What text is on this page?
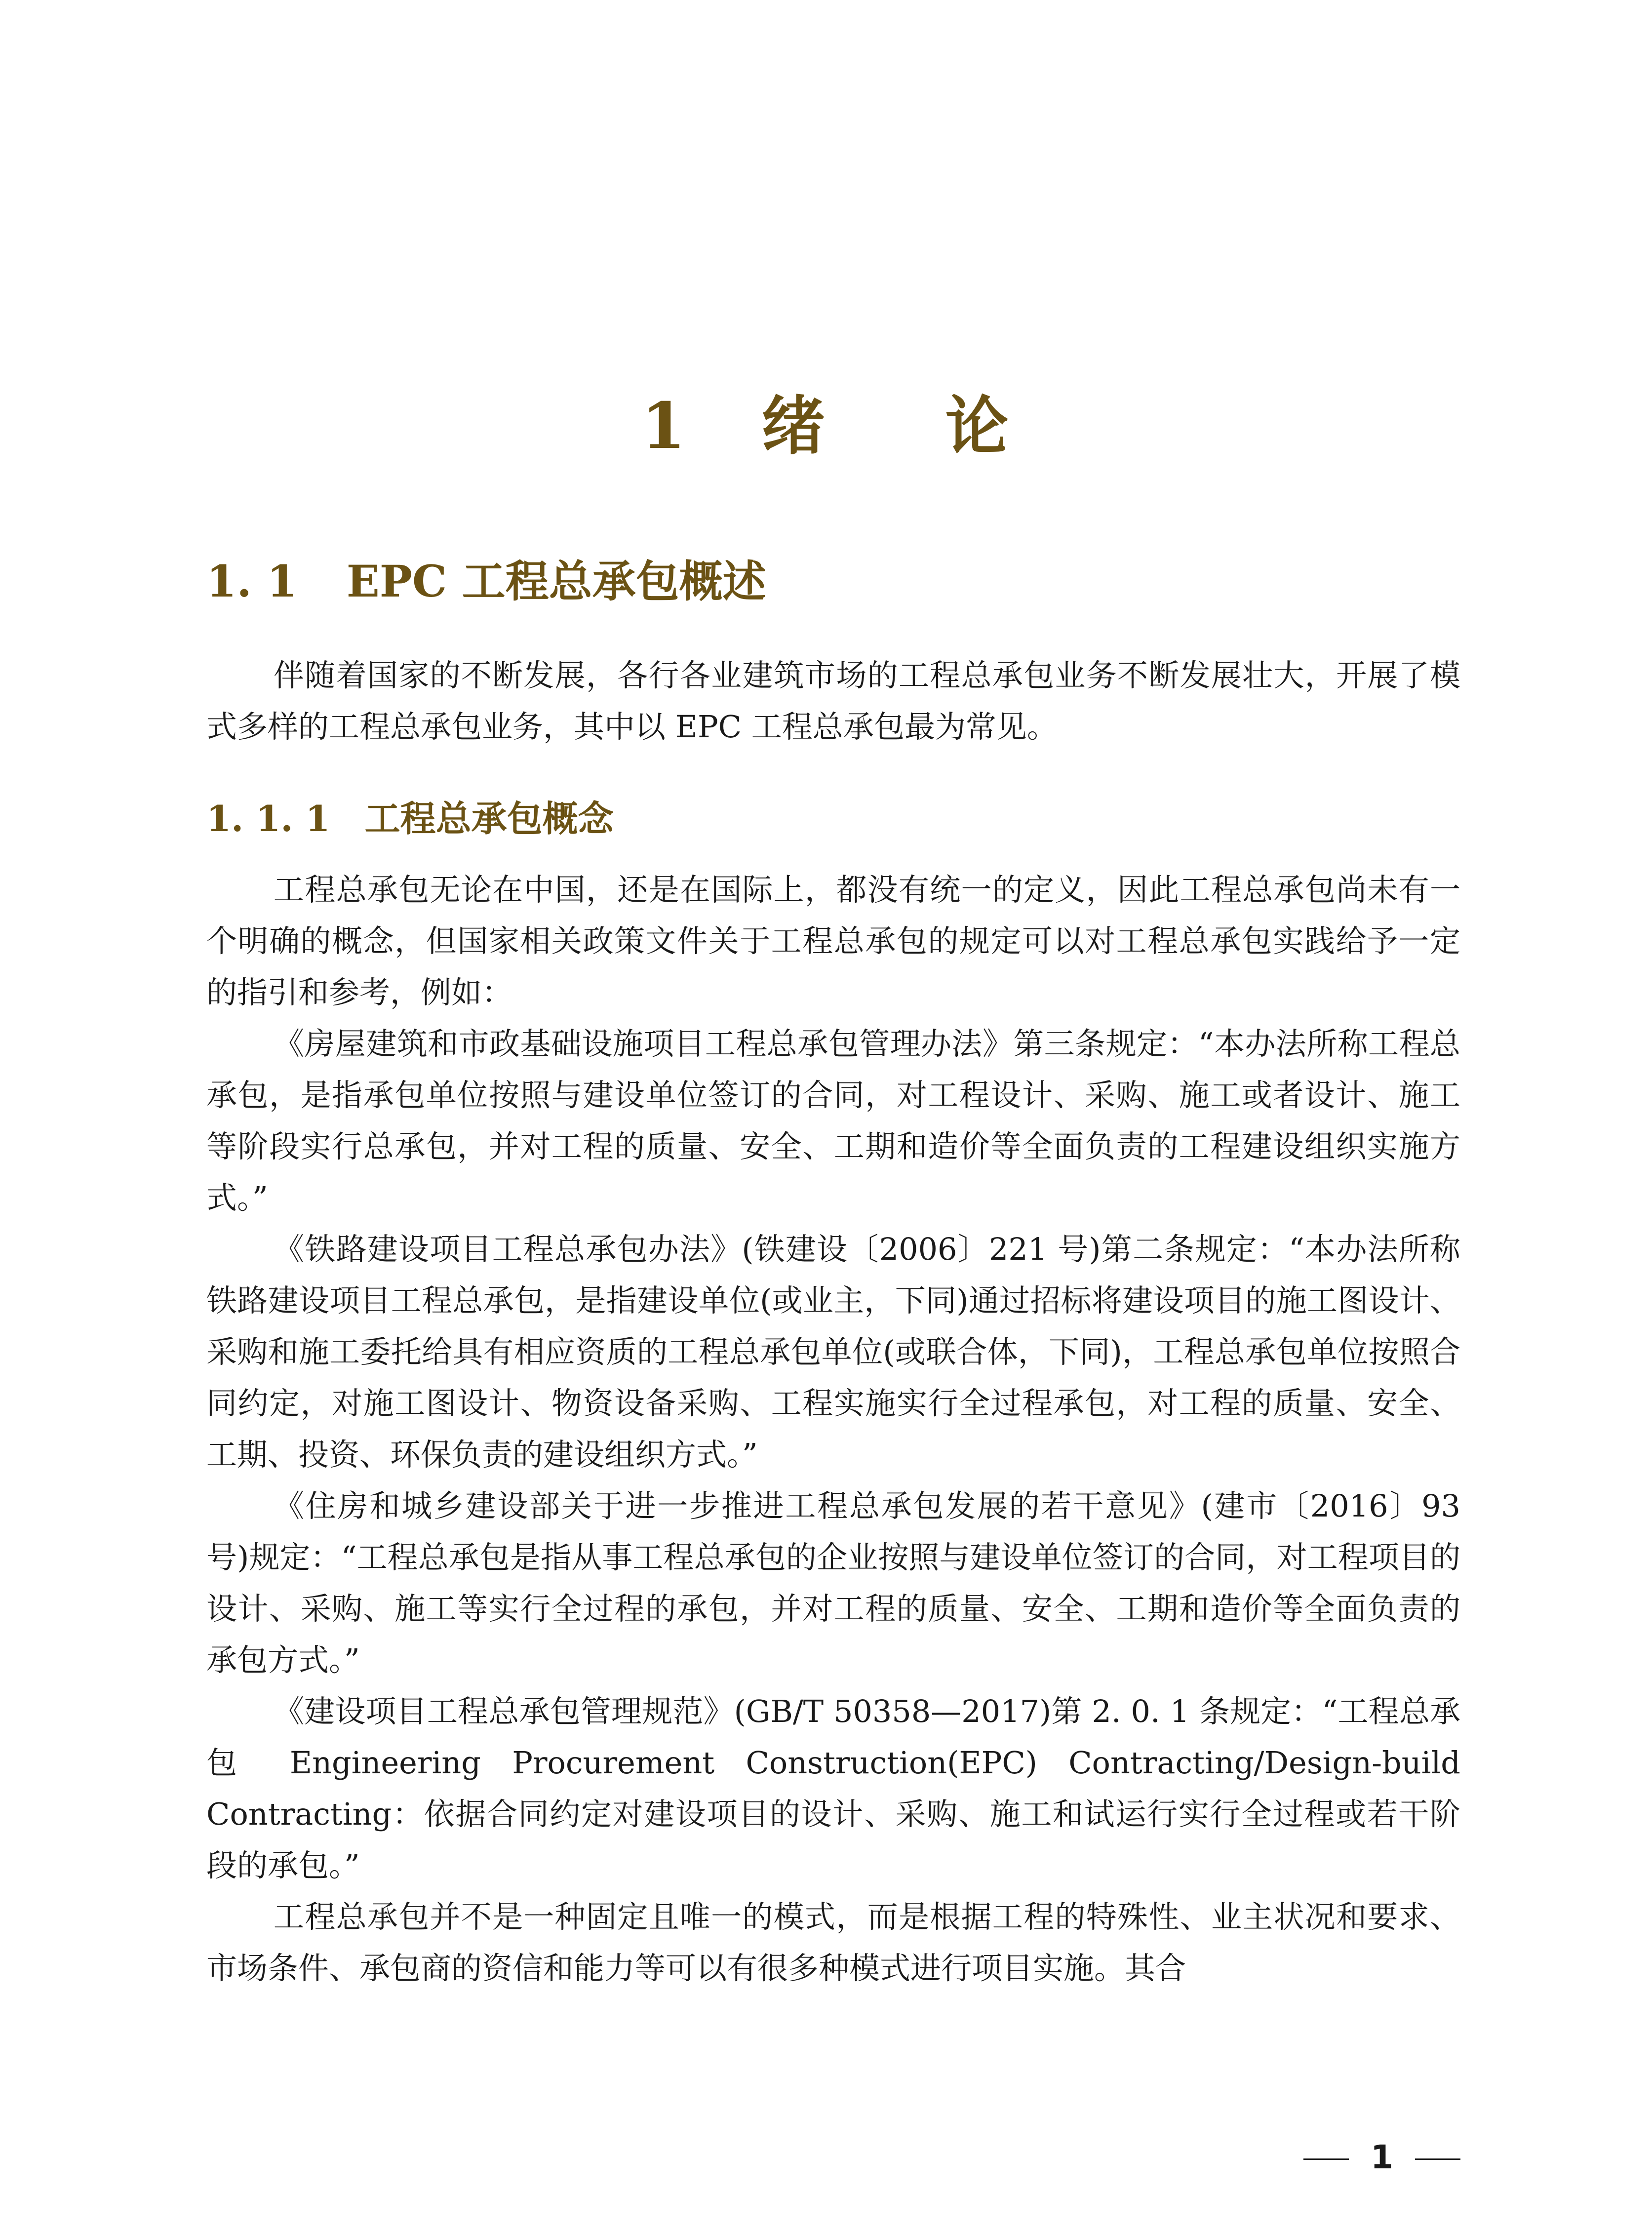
1 绪 论
1. 1 EPC 工程总承包概述

伴随着国家的不断发展，各行各业建筑市场的工程总承包业务不断发展壮大，开展了模式多样的工程总承包业务，其中以 EPC 工程总承包最为常见。

1. 1. 1 工程总承包概念

工程总承包无论在中国，还是在国际上，都没有统一的定义，因此工程总承包尚未有一个明确的概念，但国家相关政策文件关于工程总承包的规定可以对工程总承包实践给予一定的指引和参考，例如：

《房屋建筑和市政基础设施项目工程总承包管理办法》第三条规定：“本办法所称工程总承包，是指承包单位按照与建设单位签订的合同，对工程设计、采购、施工或者设计、施工等阶段实行总承包，并对工程的质量、安全、工期和造价等全面负责的工程建设组织实施方式。”

《铁路建设项目工程总承包办法》(铁建设〔2006〕221 号)第二条规定：“本办法所称铁路建设项目工程总承包，是指建设单位(或业主，下同)通过招标将建设项目的施工图设计、采购和施工委托给具有相应资质的工程总承包单位(或联合体，下同)，工程总承包单位按照合同约定，对施工图设计、物资设备采购、工程实施实行全过程承包，对工程的质量、安全、工期、投资、环保负责的建设组织方式。”

《住房和城乡建设部关于进一步推进工程总承包发展的若干意见》(建市〔2016〕93 号)规定：“工程总承包是指从事工程总承包的企业按照与建设单位签订的合同，对工程项目的设计、采购、施工等实行全过程的承包，并对工程的质量、安全、工期和造价等全面负责的承包方式。”

《建设项目工程总承包管理规范》(GB/T 50358—2017)第 2. 0. 1 条规定：“工程总承包 Engineering Procurement Construction(EPC) Contracting/Design-build Contracting：依据合同约定对建设项目的设计、采购、施工和试运行实行全过程或若干阶段的承包。”

工程总承包并不是一种固定且唯一的模式，而是根据工程的特殊性、业主状况和要求、市场条件、承包商的资信和能力等可以有很多种模式进行项目实施。其合

1
